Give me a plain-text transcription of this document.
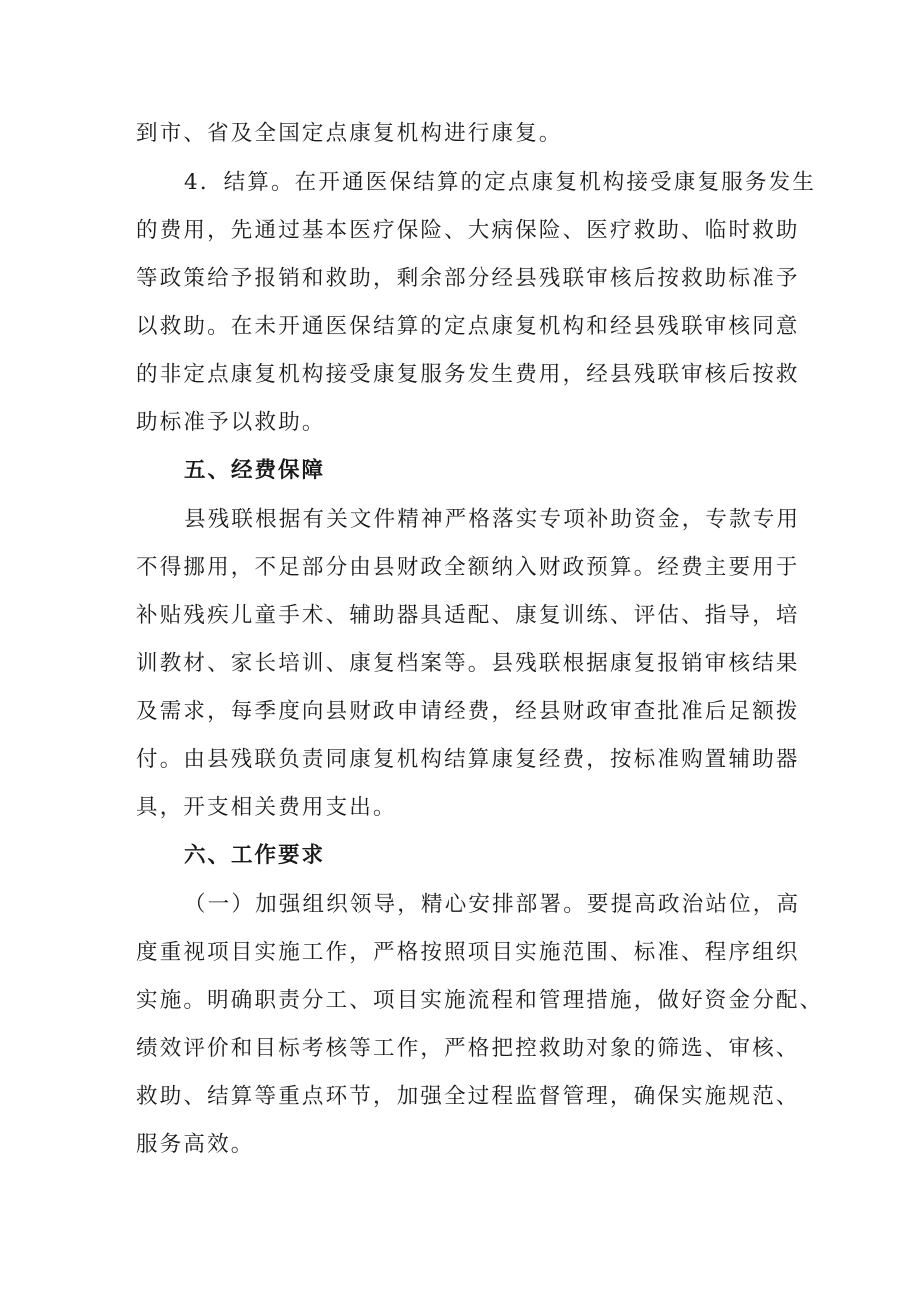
到市、省及全国定点康复机构进行康复。
4．结算。在开通医保结算的定点康复机构接受康复服务发生
的费用，先通过基本医疗保险、大病保险、医疗救助、临时救助
等政策给予报销和救助，剩余部分经县残联审核后按救助标准予
以救助。在未开通医保结算的定点康复机构和经县残联审核同意
的非定点康复机构接受康复服务发生费用，经县残联审核后按救
助标准予以救助。
五、经费保障
县残联根据有关文件精神严格落实专项补助资金，专款专用
不得挪用，不足部分由县财政全额纳入财政预算。经费主要用于
补贴残疾儿童手术、辅助器具适配、康复训练、评估、指导，培
训教材、家长培训、康复档案等。县残联根据康复报销审核结果
及需求，每季度向县财政申请经费，经县财政审查批准后足额拨
付。由县残联负责同康复机构结算康复经费，按标准购置辅助器
具，开支相关费用支出。
六、工作要求
（一）加强组织领导，精心安排部署。要提高政治站位，高
度重视项目实施工作，严格按照项目实施范围、标准、程序组织
实施。明确职责分工、项目实施流程和管理措施，做好资金分配、
绩效评价和目标考核等工作，严格把控救助对象的筛选、审核、
救助、结算等重点环节，加强全过程监督管理，确保实施规范、
服务高效。
